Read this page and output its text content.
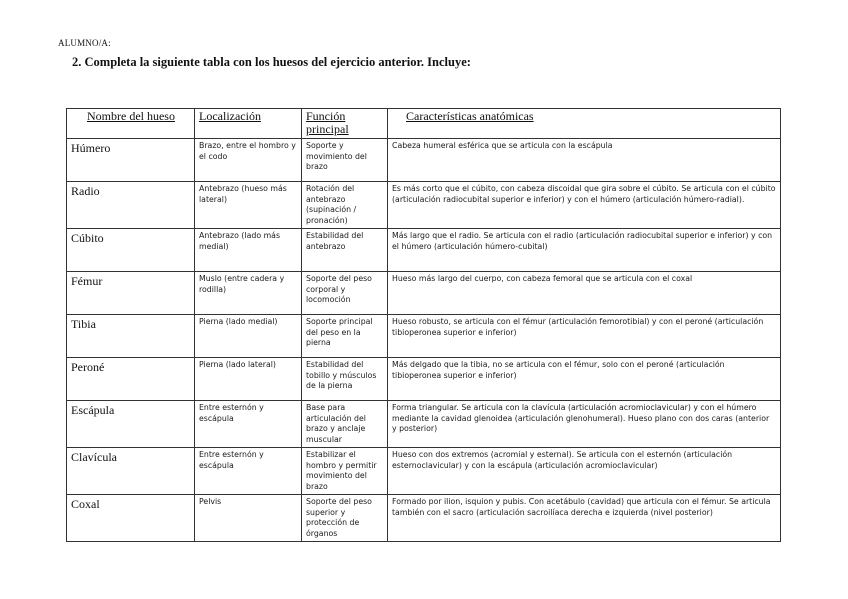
ALUMNO/A:
2. Completa la siguiente tabla con los huesos del ejercicio anterior. Incluye:
Nombre del hueso	Localización	Función principal	Características anatómicas
Húmero	Brazo, entre el hombro y el codo	Soporte y movimiento del brazo	Cabeza humeral esférica que se articula con la escápula
Radio	Antebrazo (hueso más lateral)	Rotación del antebrazo (supinación / pronación)	Es más corto que el cúbito, con cabeza discoidal que gira sobre el cúbito. Se articula con el cúbito (articulación radiocubital superior e inferior) y con el húmero (articulación húmero-radial).
Cúbito	Antebrazo (lado más medial)	Estabilidad del antebrazo	Más largo que el radio. Se articula con el radio (articulación radiocubital superior e inferior) y con el húmero (articulación húmero-cubital)
Fémur	Muslo (entre cadera y rodilla)	Soporte del peso corporal y locomoción	Hueso más largo del cuerpo, con cabeza femoral que se articula con el coxal
Tibia	Pierna (lado medial)	Soporte principal del peso en la pierna	Hueso robusto, se articula con el fémur (articulación femorotibial) y con el peroné (articulación tibioperonea superior e inferior)
Peroné	Pierna (lado lateral)	Estabilidad del tobillo y músculos de la pierna	Más delgado que la tibia, no se articula con el fémur, solo con el peroné (articulación tibioperonea superior e inferior)
Escápula	Entre esternón y escápula	Base para articulación del brazo y anclaje muscular	Forma triangular. Se articula con la clavícula (articulación acromioclavicular) y con el húmero mediante la cavidad glenoidea (articulación glenohumeral). Hueso plano con dos caras (anterior y posterior)
Clavícula	Entre esternón y escápula	Estabilizar el hombro y permitir movimiento del brazo	Hueso con dos extremos (acromial y esternal). Se articula con el esternón (articulación esternoclavicular) y con la escápula (articulación acromioclavicular)
Coxal	Pelvis	Soporte del peso superior y protección de órganos	Formado por ilion, isquion y pubis. Con acetábulo (cavidad) que articula con el fémur. Se articula también con el sacro (articulación sacroilíaca derecha e izquierda (nivel posterior)
